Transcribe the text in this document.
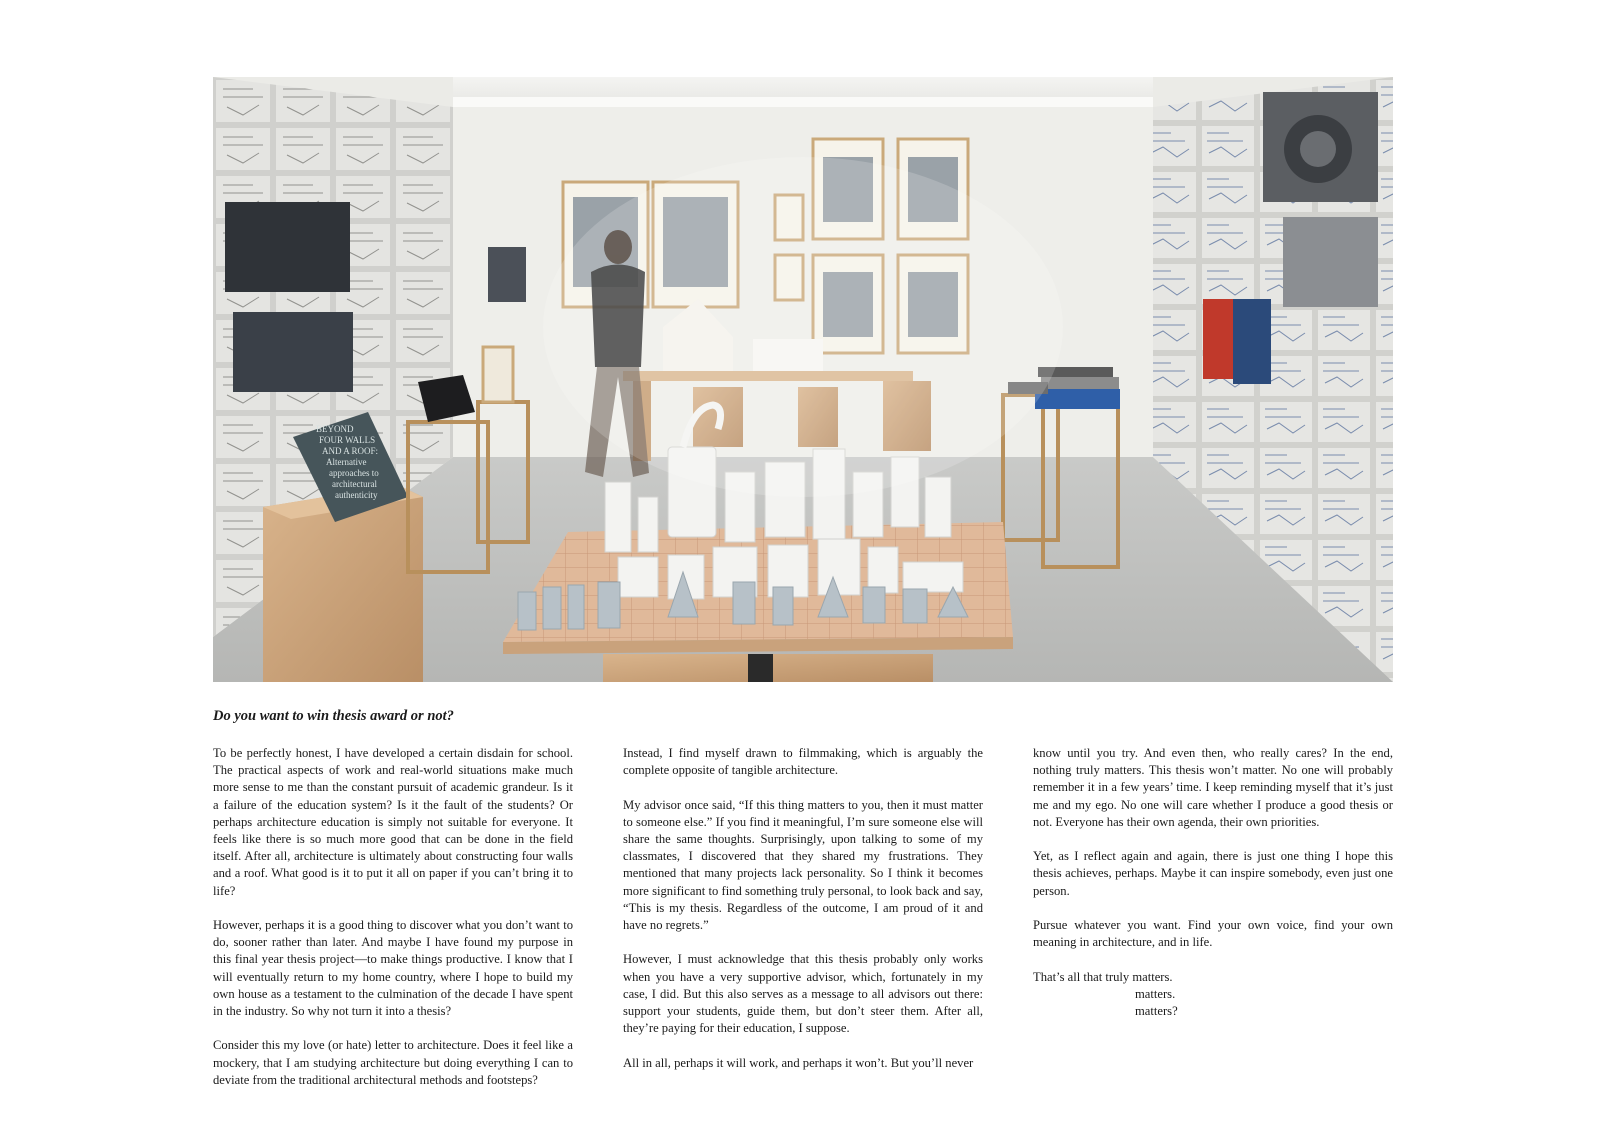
BEYOND
FOUR WALLS
AND A ROOF:
Alternative
approaches to
architectural
authenticity
Do you want to win thesis award or not?

To be perfectly honest, I have developed a certain disdain for school. The practical aspects of work and real-world situations make much more sense to me than the constant pursuit of academic grandeur. Is it a failure of the education system? Is it the fault of the students? Or perhaps architecture education is simply not suitable for everyone. It feels like there is so much more good that can be done in the field itself. After all, architecture is ultimately about constructing four walls and a roof. What good is it to put it all on paper if you can’t bring it to life?

However, perhaps it is a good thing to discover what you don’t want to do, sooner rather than later. And maybe I have found my purpose in this final year thesis project—to make things productive. I know that I will eventually return to my home country, where I hope to build my own house as a testament to the culmination of the decade I have spent in the industry. So why not turn it into a thesis?

Consider this my love (or hate) letter to architecture. Does it feel like a mockery, that I am studying architecture but doing everything I can to deviate from the traditional architectural methods and footsteps?

Instead, I find myself drawn to filmmaking, which is arguably the complete opposite of tangible architecture.

My advisor once said, “If this thing matters to you, then it must matter to someone else.” If you find it meaningful, I’m sure someone else will share the same thoughts. Surprisingly, upon talking to some of my classmates, I discovered that they shared my frustrations. They mentioned that many projects lack personality. So I think it becomes more significant to find something truly personal, to look back and say, “This is my thesis. Regardless of the outcome, I am proud of it and have no regrets.”

However, I must acknowledge that this thesis probably only works when you have a very supportive advisor, which, fortunately in my case, I did. But this also serves as a message to all advisors out there: support your students, guide them, but don’t steer them. After all, they’re paying for their education, I suppose.

All in all, perhaps it will work, and perhaps it won’t. But you’ll never

know until you try. And even then, who really cares? In the end, nothing truly matters. This thesis won’t matter. No one will probably remember it in a few years’ time. I keep reminding myself that it’s just me and my ego. No one will care whether I produce a good thesis or not. Everyone has their own agenda, their own priorities.

Yet, as I reflect again and again, there is just one thing I hope this thesis achieves, perhaps. Maybe it can inspire somebody, even just one person.

Pursue whatever you want. Find your own voice, find your own meaning in architecture, and in life.

That’s all that truly matters.

matters.
matters?
